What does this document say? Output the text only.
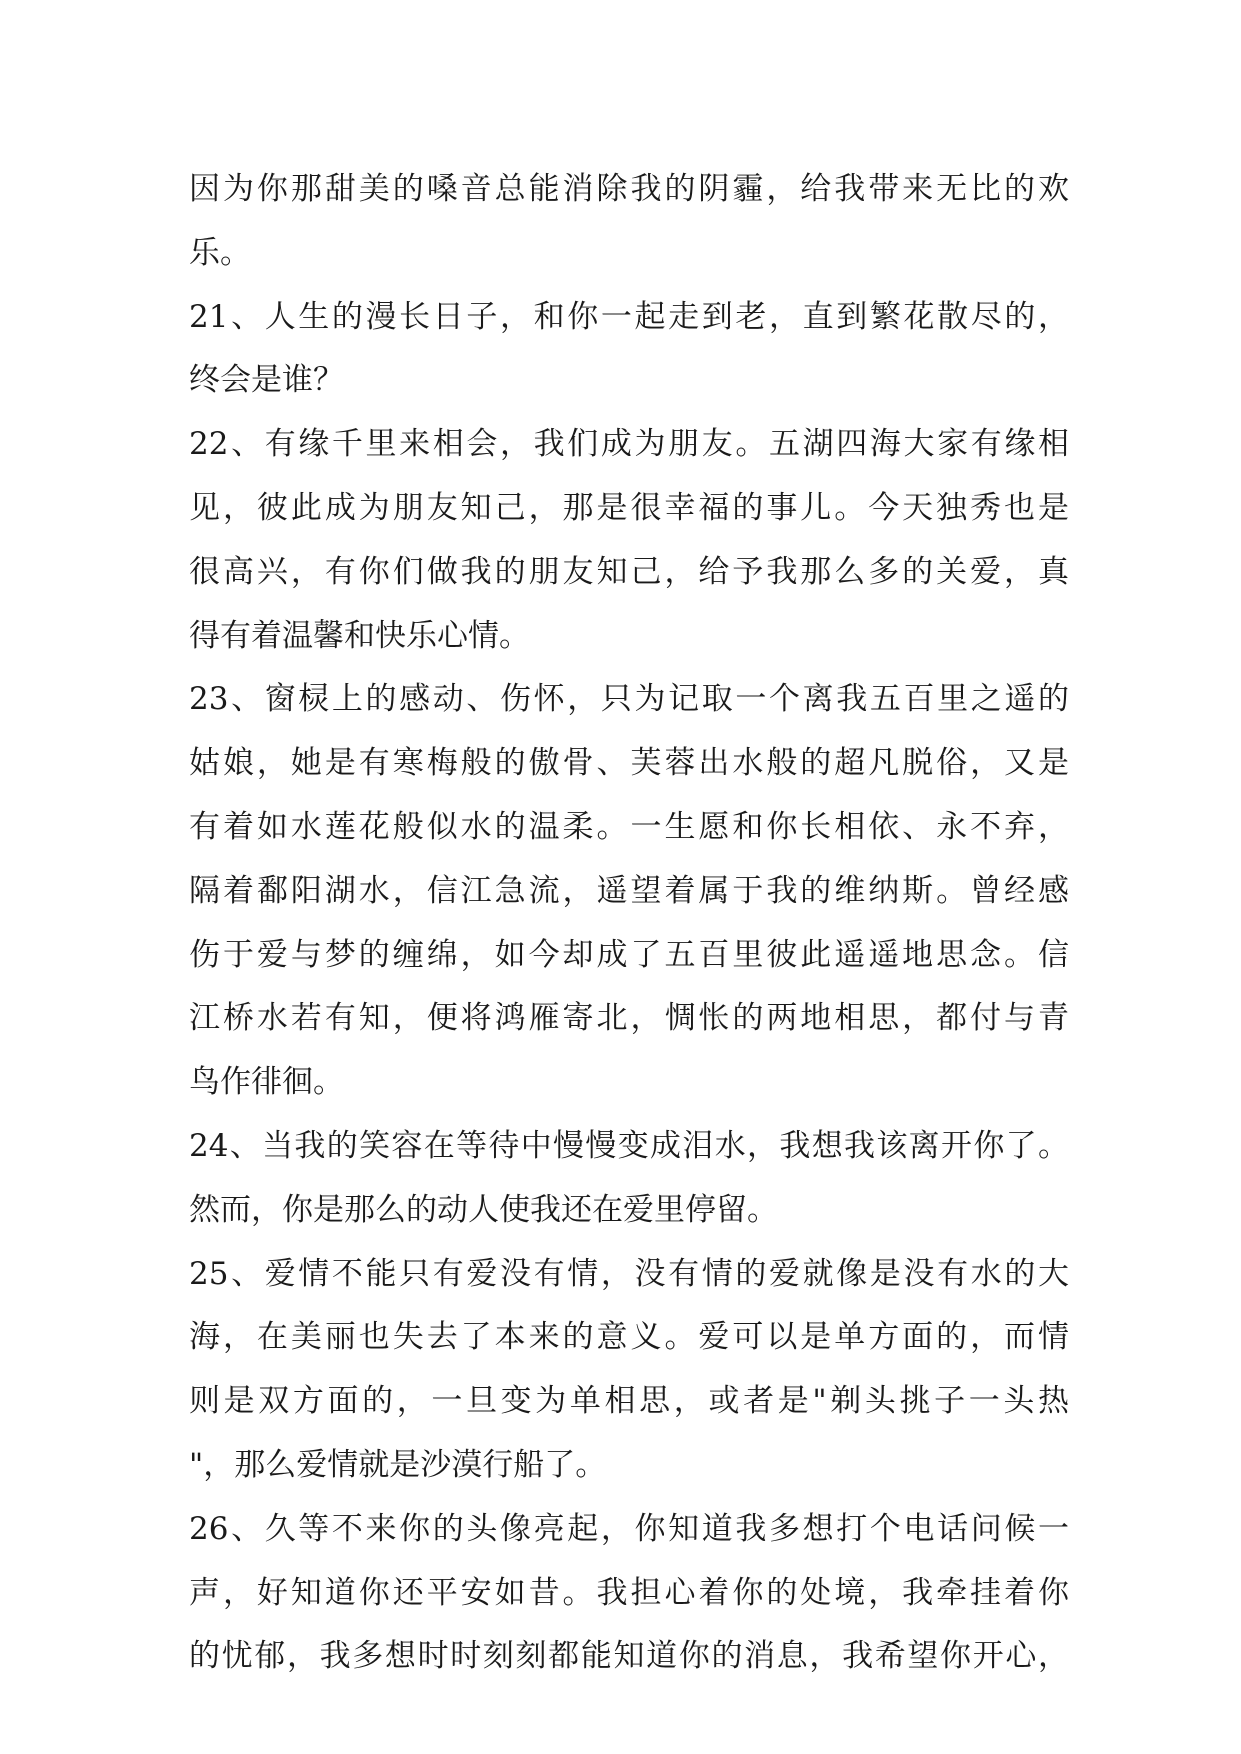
因为你那甜美的嗓音总能消除我的阴霾，给我带来无比的欢
乐。
21、人生的漫长日子，和你一起走到老，直到繁花散尽的，
终会是谁？
22、有缘千里来相会，我们成为朋友。五湖四海大家有缘相
见，彼此成为朋友知己，那是很幸福的事儿。今天独秀也是
很高兴，有你们做我的朋友知己，给予我那么多的关爱，真
得有着温馨和快乐心情。
23、窗棂上的感动、伤怀，只为记取一个离我五百里之遥的
姑娘，她是有寒梅般的傲骨、芙蓉出水般的超凡脱俗，又是
有着如水莲花般似水的温柔。一生愿和你长相依、永不弃，
隔着鄱阳湖水，信江急流，遥望着属于我的维纳斯。曾经感
伤于爱与梦的缠绵，如今却成了五百里彼此遥遥地思念。信
江桥水若有知，便将鸿雁寄北，惆怅的两地相思，都付与青
鸟作徘徊。
24、当我的笑容在等待中慢慢变成泪水，我想我该离开你了。
然而，你是那么的动人使我还在爱里停留。
25、爱情不能只有爱没有情，没有情的爱就像是没有水的大
海，在美丽也失去了本来的意义。爱可以是单方面的，而情
则是双方面的，一旦变为单相思，或者是"剃头挑子一头热
"，那么爱情就是沙漠行船了。
26、久等不来你的头像亮起，你知道我多想打个电话问候一
声，好知道你还平安如昔。我担心着你的处境，我牵挂着你
的忧郁，我多想时时刻刻都能知道你的消息，我希望你开心，
